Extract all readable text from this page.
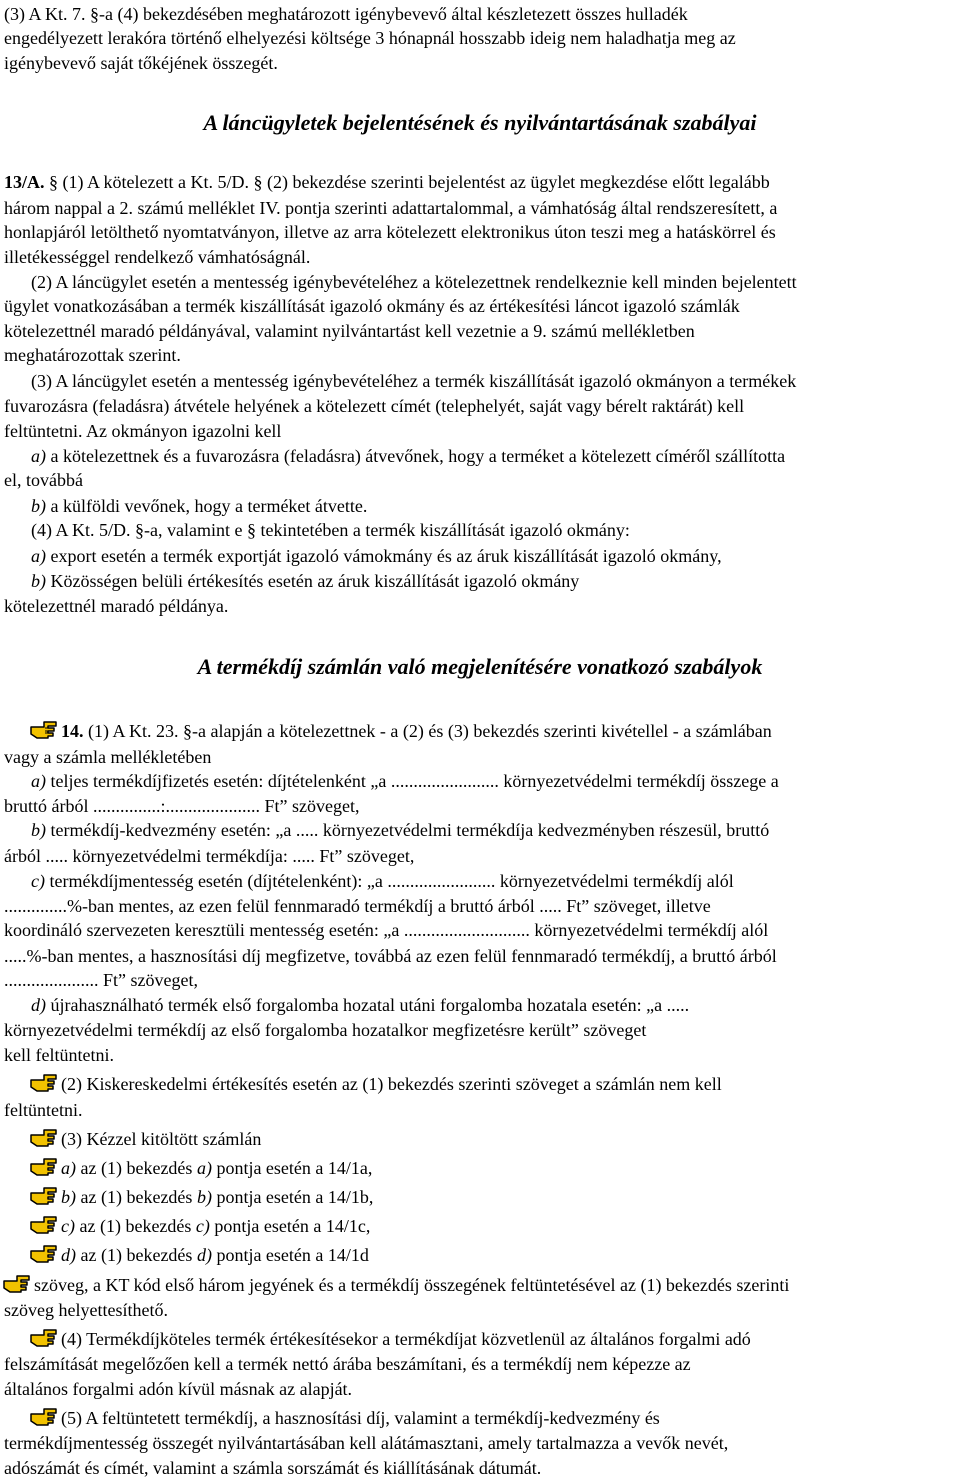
(3) A Kt. 7. §-a (4) bekezdésében meghatározott igénybevevő által készletezett összes hulladék
engedélyezett lerakóra történő elhelyezési költsége 3 hónapnál hosszabb ideig nem haladhatja meg az
igénybevevő saját tőkéjének összegét.
A láncügyletek bejelentésének és nyilvántartásának szabályai
13/A. § (1) A kötelezett a Kt. 5/D. § (2) bekezdése szerinti bejelentést az ügylet megkezdése előtt legalább
három nappal a 2. számú melléklet IV. pontja szerinti adattartalommal, a vámhatóság által rendszeresített, a
honlapjáról letölthető nyomtatványon, illetve az arra kötelezett elektronikus úton teszi meg a hatáskörrel és
illetékességgel rendelkező vámhatóságnál.
(2) A láncügylet esetén a mentesség igénybevételéhez a kötelezettnek rendelkeznie kell minden bejelentett
ügylet vonatkozásában a termék kiszállítását igazoló okmány és az értékesítési láncot igazoló számlák
kötelezettnél maradó példányával, valamint nyilvántartást kell vezetnie a 9. számú mellékletben
meghatározottak szerint.
(3) A láncügylet esetén a mentesség igénybevételéhez a termék kiszállítását igazoló okmányon a termékek
fuvarozásra (feladásra) átvétele helyének a kötelezett címét (telephelyét, saját vagy bérelt raktárát) kell
feltüntetni. Az okmányon igazolni kell
a) a kötelezettnek és a fuvarozásra (feladásra) átvevőnek, hogy a terméket a kötelezett címéről szállította
el, továbbá
b) a külföldi vevőnek, hogy a terméket átvette.
(4) A Kt. 5/D. §-a, valamint e § tekintetében a termék kiszállítását igazoló okmány:
a) export esetén a termék exportját igazoló vámokmány és az áruk kiszállítását igazoló okmány,
b) Közösségen belüli értékesítés esetén az áruk kiszállítását igazoló okmány
kötelezettnél maradó példánya.
A termékdíj számlán való megjelenítésére vonatkozó szabályok
14. (1) A Kt. 23. §-a alapján a kötelezettnek - a (2) és (3) bekezdés szerinti kivétellel - a számlában
vagy a számla mellékletében
a) teljes termékdíjfizetés esetén: díjtételenként „a ........................ környezetvédelmi termékdíj összege a
bruttó árból ...............:..................... Ft” szöveget,
b) termékdíj-kedvezmény esetén: „a ..... környezetvédelmi termékdíja kedvezményben részesül, bruttó
árból ..... környezetvédelmi termékdíja: ..... Ft” szöveget,
c) termékdíjmentesség esetén (díjtételenként): „a ........................ környezetvédelmi termékdíj alól
..............%-ban mentes, az ezen felül fennmaradó termékdíj a bruttó árból ..... Ft” szöveget, illetve
koordináló szervezeten keresztüli mentesség esetén: „a ............................ környezetvédelmi termékdíj alól
.....%-ban mentes, a hasznosítási díj megfizetve, továbbá az ezen felül fennmaradó termékdíj, a bruttó árból
..................... Ft” szöveget,
d) újrahasználható termék első forgalomba hozatal utáni forgalomba hozatala esetén: „a .....
környezetvédelmi termékdíj az első forgalomba hozatalkor megfizetésre került” szöveget
kell feltüntetni.
(2) Kiskereskedelmi értékesítés esetén az (1) bekezdés szerinti szöveget a számlán nem kell
feltüntetni.
(3) Kézzel kitöltött számlán
a) az (1) bekezdés a) pontja esetén a 14/1a,
b) az (1) bekezdés b) pontja esetén a 14/1b,
c) az (1) bekezdés c) pontja esetén a 14/1c,
d) az (1) bekezdés d) pontja esetén a 14/1d
szöveg, a KT kód első három jegyének és a termékdíj összegének feltüntetésével az (1) bekezdés szerinti
szöveg helyettesíthető.
(4) Termékdíjköteles termék értékesítésekor a termékdíjat közvetlenül az általános forgalmi adó
felszámítását megelőzően kell a termék nettó árába beszámítani, és a termékdíj nem képezze az
általános forgalmi adón kívül másnak az alapját.
(5) A feltüntetett termékdíj, a hasznosítási díj, valamint a termékdíj-kedvezmény és
termékdíjmentesség összegét nyilvántartásában kell alátámasztani, amely tartalmazza a vevők nevét,
adószámát és címét, valamint a számla sorszámát és kiállításának dátumát.
